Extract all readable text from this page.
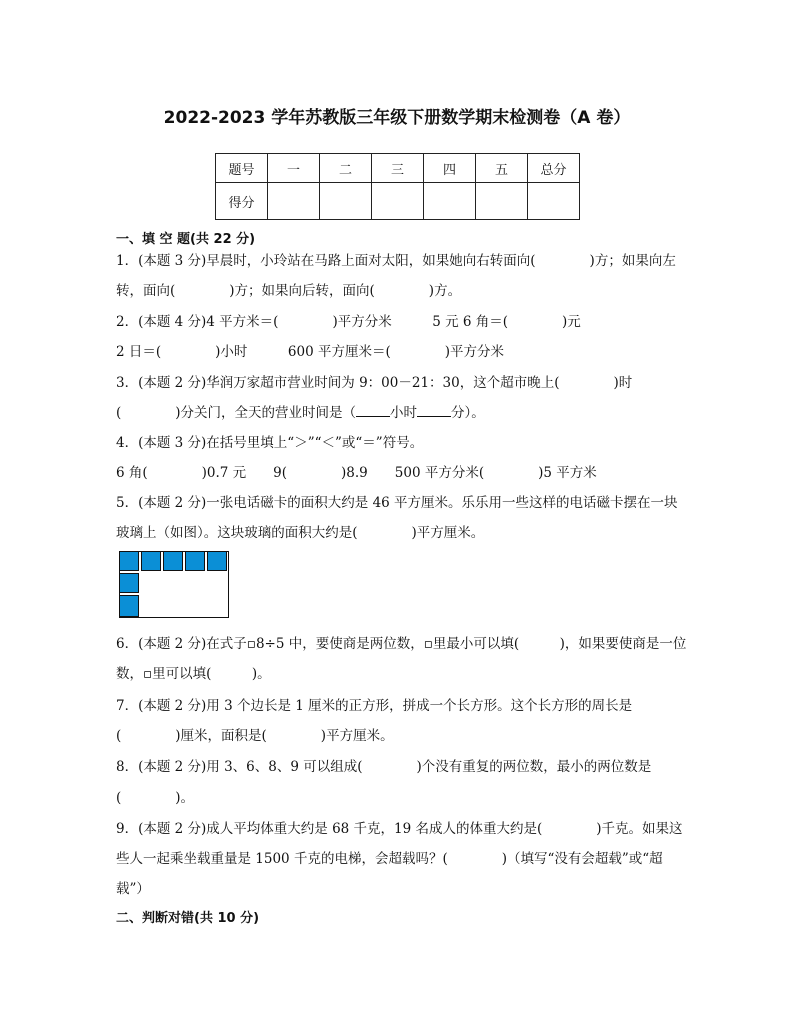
2022-2023 学年苏教版三年级下册数学期末检测卷（A 卷）
题号	一	二	三	四	五	总分
得分						
一、填 空 题(共 22 分)
1．(本题 3 分)早晨时，小玲站在马路上面对太阳，如果她向右转面向(　　　　)方；如果向左
转，面向(　　　　)方；如果向后转，面向(　　　　)方。
2．(本题 4 分)4 平方米＝(　　　　)平方分米　　　5 元 6 角＝(　　　　)元
2 日＝(　　　　)小时　　　600 平方厘米＝(　　　　)平方分米
3．(本题 2 分)华润万家超市营业时间为 9：00－21：30，这个超市晚上(　　　　)时
(　　　　)分关门，全天的营业时间是（	小时	分）。
4．(本题 3 分)在括号里填上“＞”“＜”或“＝”符号。
6 角(　　　　)0.7 元　　9(　　　　)8.9　　500 平方分米(　　　　)5 平方米
5．(本题 2 分)一张电话磁卡的面积大约是 46 平方厘米。乐乐用一些这样的电话磁卡摆在一块
玻璃上（如图）。这块玻璃的面积大约是(　　　　)平方厘米。
6．(本题 2 分)在式子▫8÷5 中，要使商是两位数，▫里最小可以填(　　　)，如果要使商是一位
数，▫里可以填(　　　)。
7．(本题 2 分)用 3 个边长是 1 厘米的正方形，拼成一个长方形。这个长方形的周长是
(　　　　)厘米，面积是(　　　　)平方厘米。
8．(本题 2 分)用 3、6、8、9 可以组成(　　　　)个没有重复的两位数，最小的两位数是
(　　　　)。
9．(本题 2 分)成人平均体重大约是 68 千克，19 名成人的体重大约是(　　　　)千克。如果这
些人一起乘坐载重量是 1500 千克的电梯，会超载吗？(　　　　)（填写“没有会超载”或“超
载”）
二、判断对错(共 10 分)
